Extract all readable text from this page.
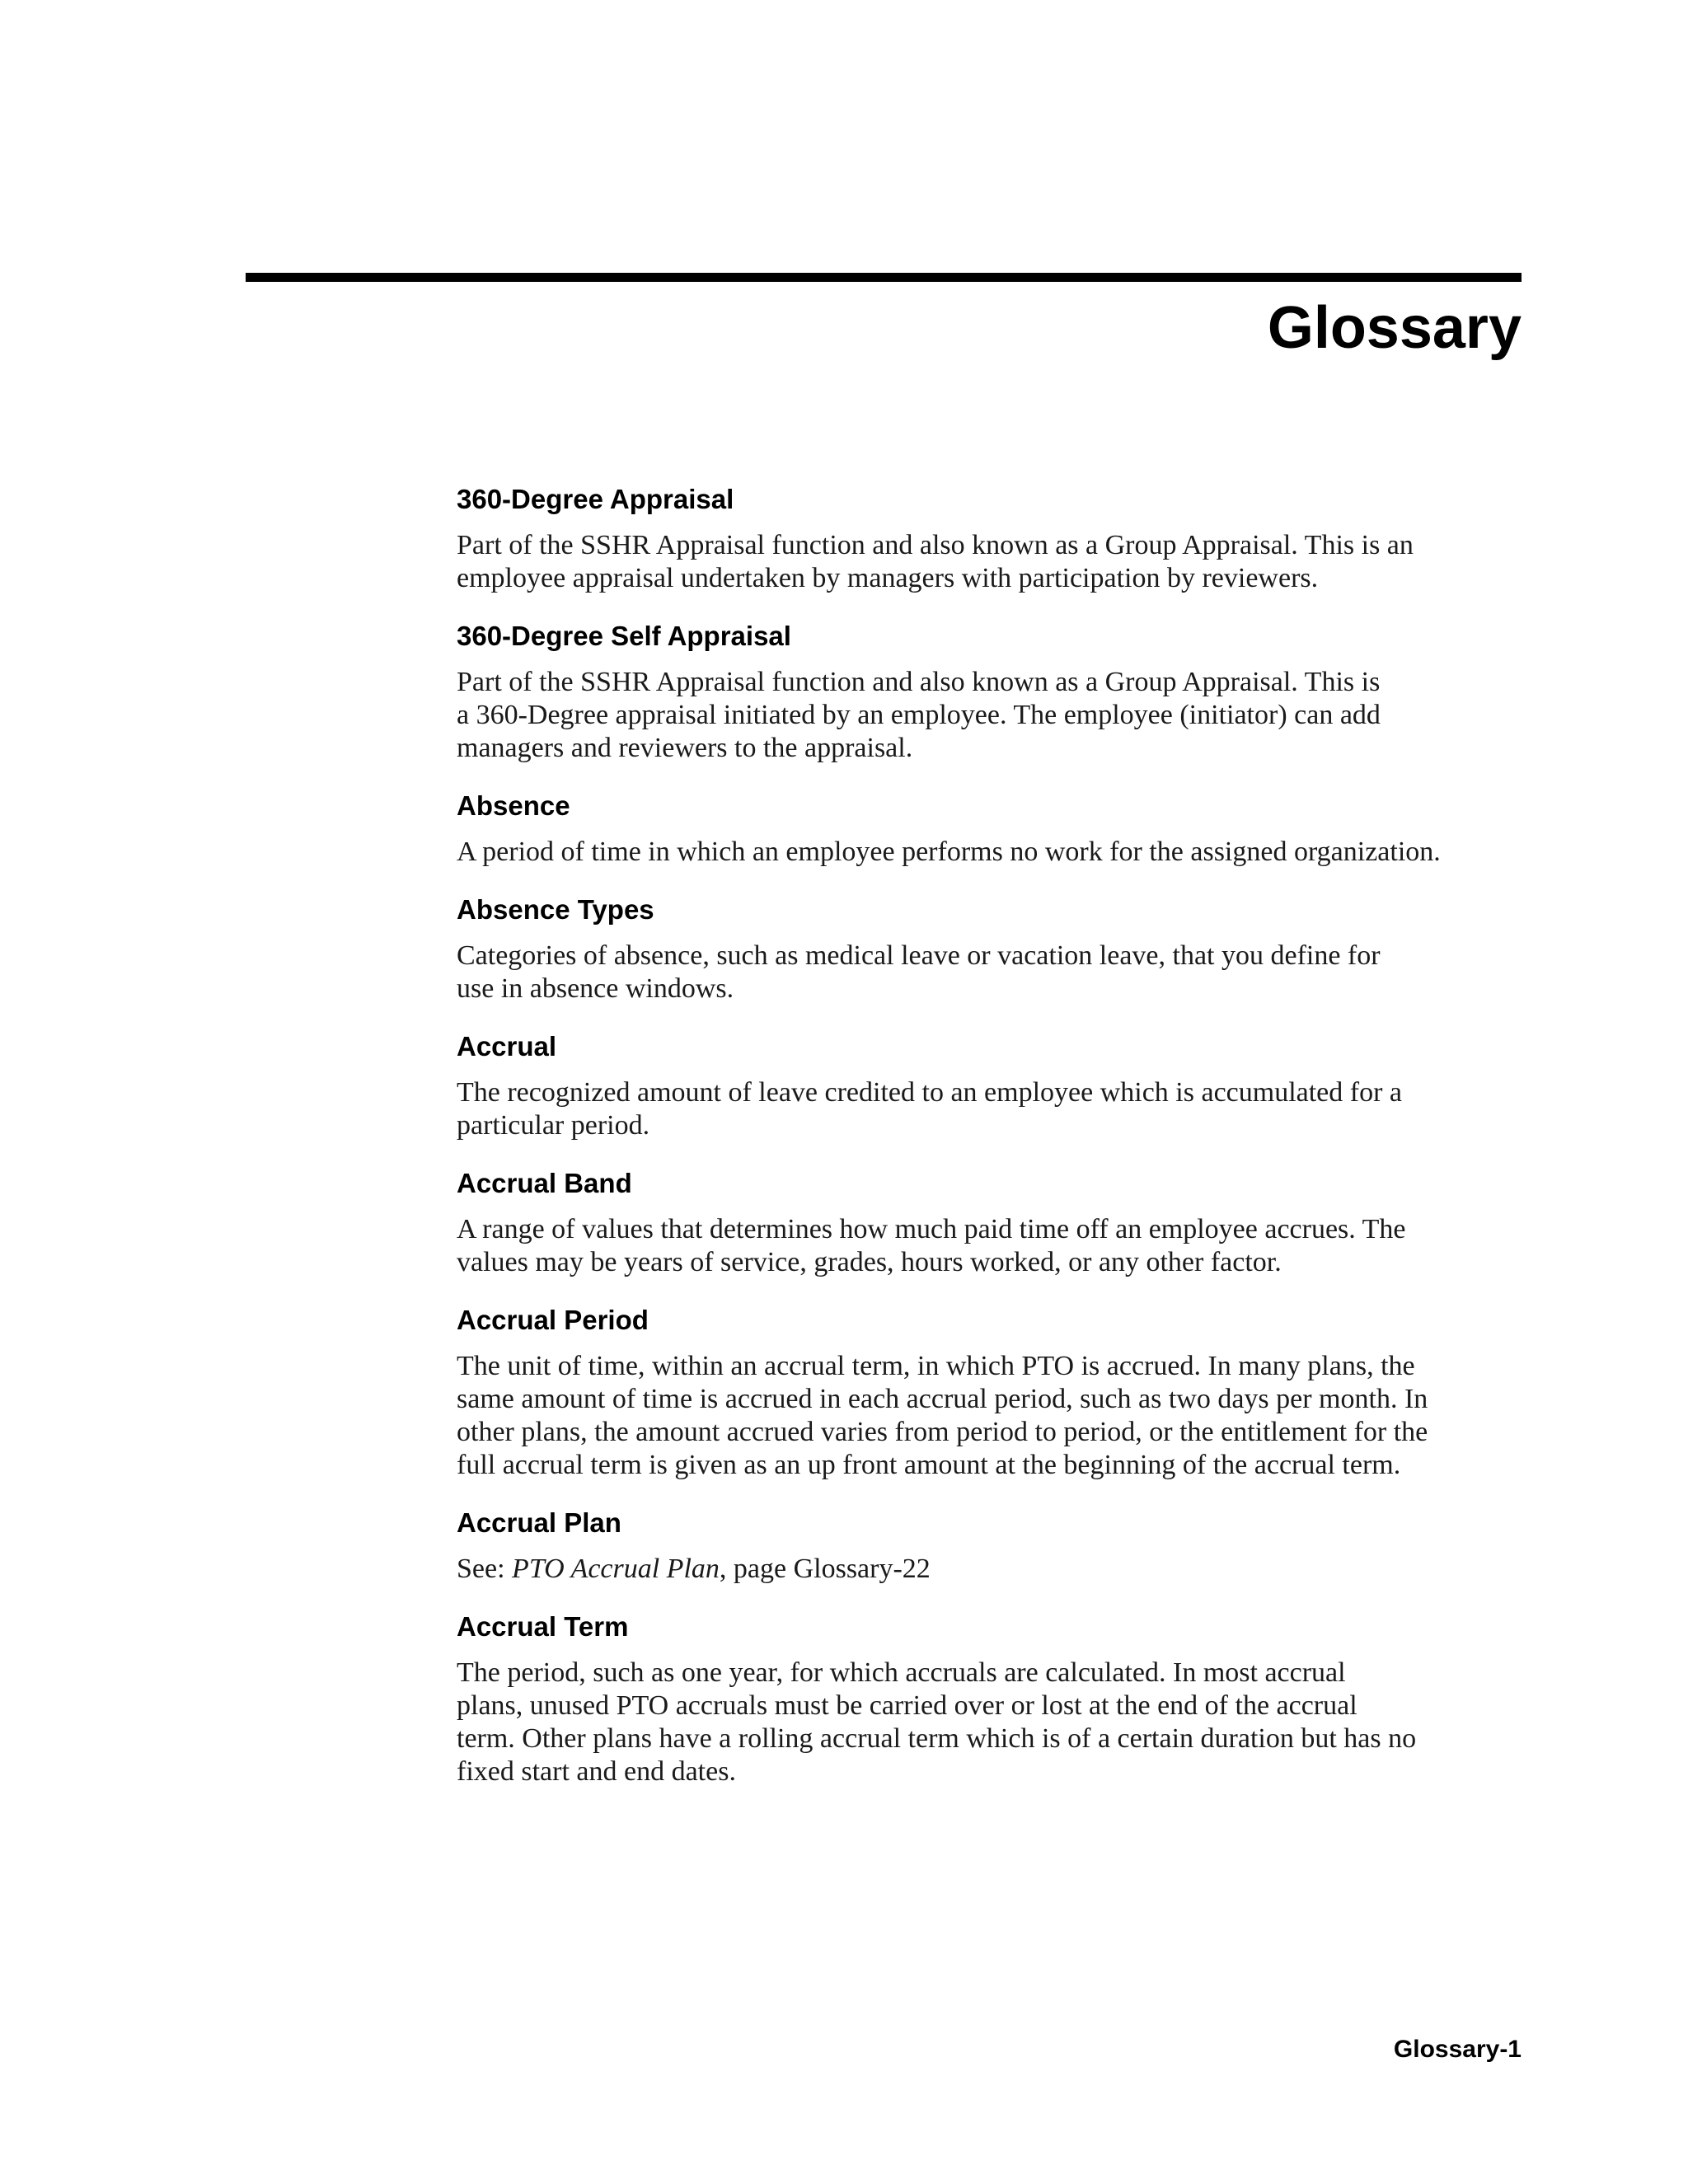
Glossary
360-Degree Appraisal

Part of the SSHR Appraisal function and also known as a Group Appraisal. This is an
employee appraisal undertaken by managers with participation by reviewers.

360-Degree Self Appraisal

Part of the SSHR Appraisal function and also known as a Group Appraisal. This is
a 360-Degree appraisal initiated by an employee. The employee (initiator) can add
managers and reviewers to the appraisal.

Absence

A period of time in which an employee performs no work for the assigned organization.

Absence Types

Categories of absence, such as medical leave or vacation leave, that you define for
use in absence windows.

Accrual

The recognized amount of leave credited to an employee which is accumulated for a
particular period.

Accrual Band

A range of values that determines how much paid time off an employee accrues. The
values may be years of service, grades, hours worked, or any other factor.

Accrual Period

The unit of time, within an accrual term, in which PTO is accrued. In many plans, the
same amount of time is accrued in each accrual period, such as two days per month. In
other plans, the amount accrued varies from period to period, or the entitlement for the
full accrual term is given as an up front amount at the beginning of the accrual term.

Accrual Plan

See: PTO Accrual Plan, page Glossary-22

Accrual Term

The period, such as one year, for which accruals are calculated. In most accrual
plans, unused PTO accruals must be carried over or lost at the end of the accrual
term. Other plans have a rolling accrual term which is of a certain duration but has no
fixed start and end dates.

Glossary-1
